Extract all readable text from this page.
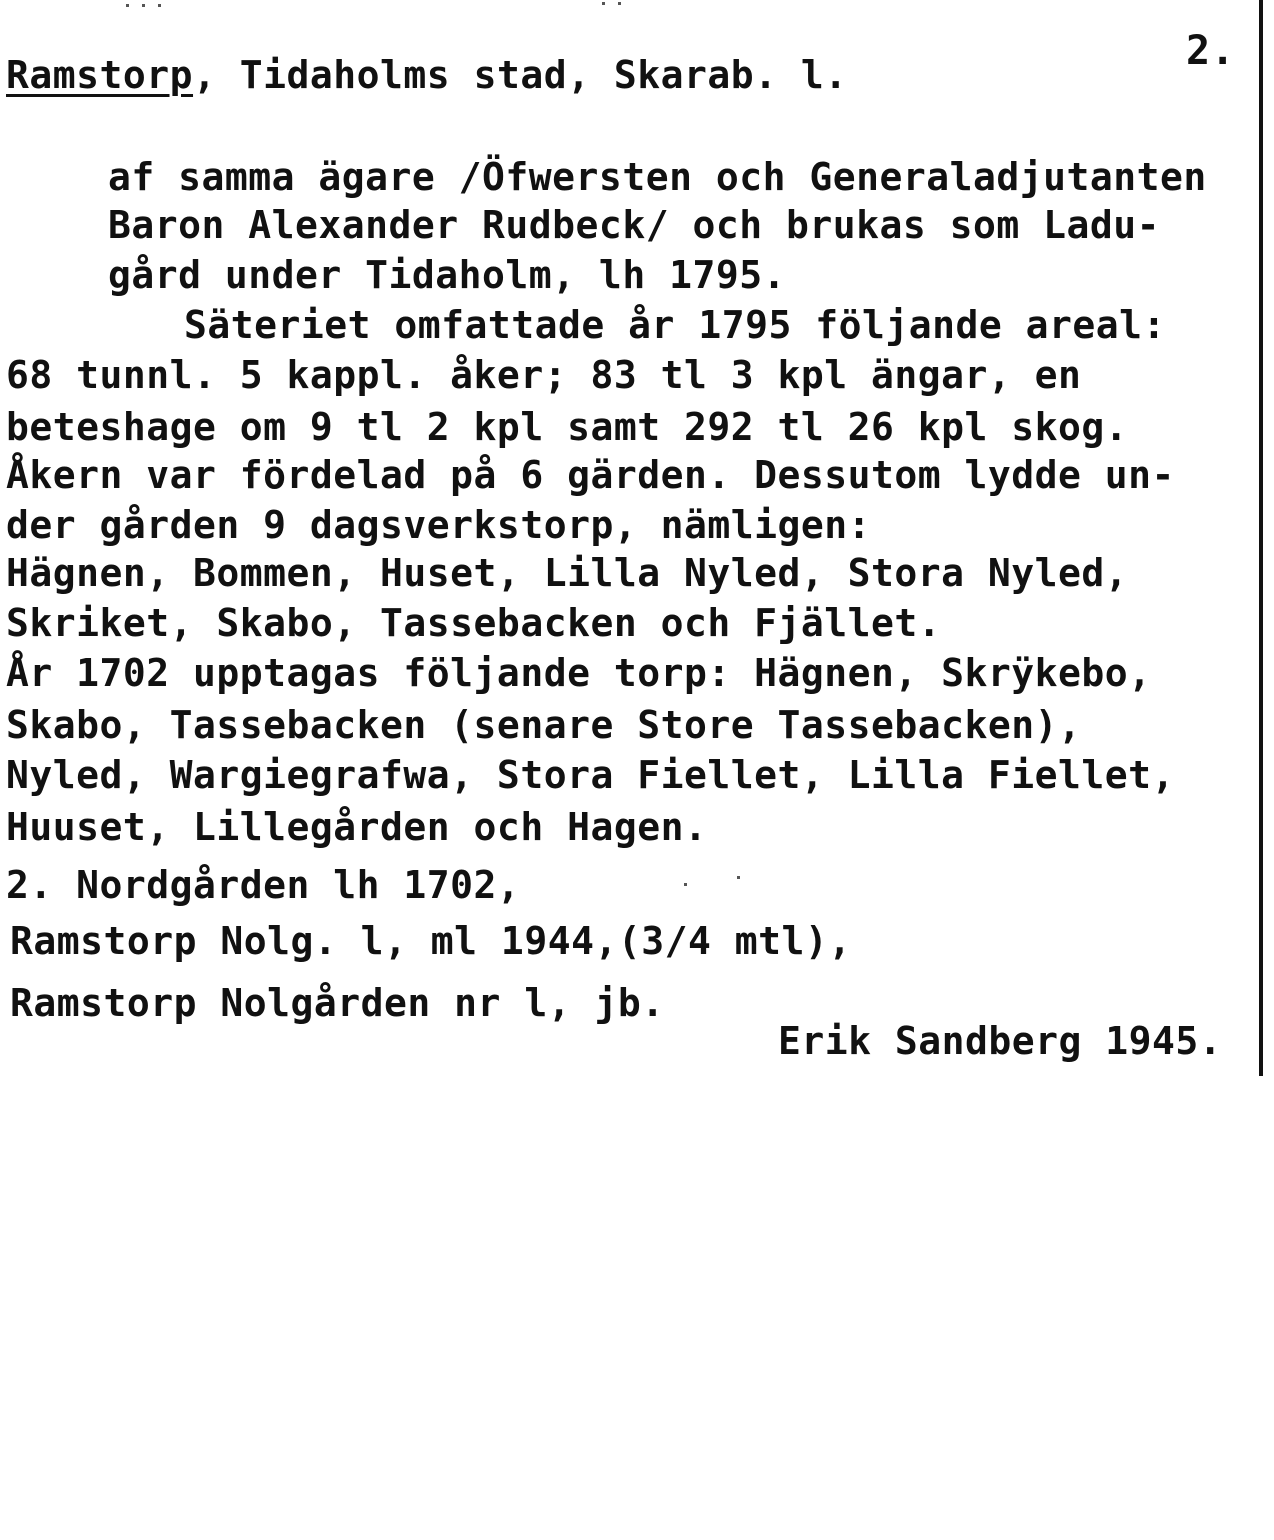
2.

Ramstorp, Tidaholms stad, Skarab. l.

af samma ägare /Öfwersten och Generaladjutanten

Baron Alexander Rudbeck/ och brukas som Ladu-

gård under Tidaholm, lh 1795.

Säteriet omfattade år 1795 följande areal:

68 tunnl. 5 kappl. åker; 83 tl 3 kpl ängar, en

beteshage om 9 tl 2 kpl samt 292 tl 26 kpl skog.

Åkern var fördelad på 6 gärden. Dessutom lydde un-

der gården 9 dagsverkstorp, nämligen:

Hägnen, Bommen, Huset, Lilla Nyled, Stora Nyled,

Skriket, Skabo, Tassebacken och Fjället.

År 1702 upptagas följande torp: Hägnen, Skrÿkebo,

Skabo, Tassebacken (senare Store Tassebacken),

Nyled, Wargiegrafwa, Stora Fiellet, Lilla Fiellet,

Huuset, Lillegården och Hagen.

2. Nordgården lh 1702,

Ramstorp Nolg. l, ml 1944,(3/4 mtl),

Ramstorp Nolgården nr l, jb.

Erik Sandberg 1945.
